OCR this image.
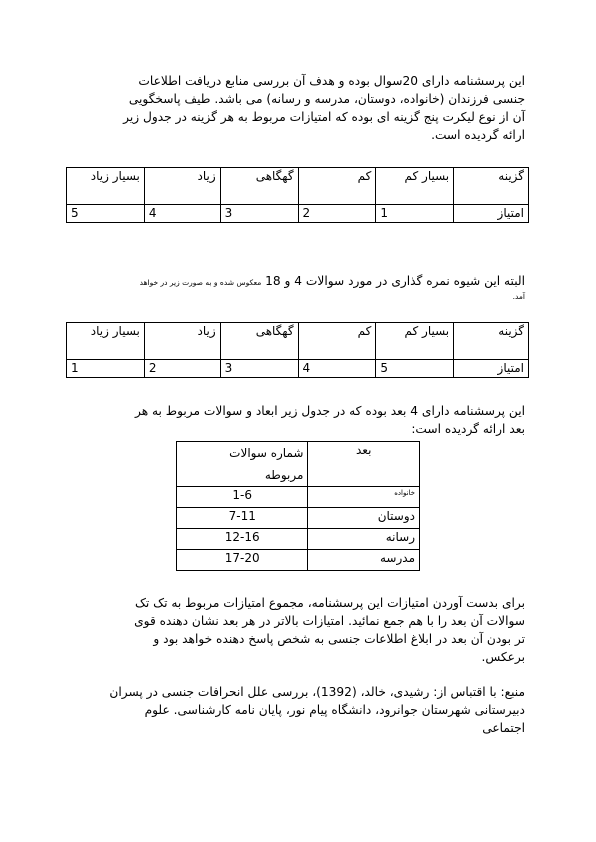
این پرسشنامه دارای 20سوال بوده و هدف آن بررسی منابع دریافت اطلاعات
جنسی فرزندان (خانواده، دوستان، مدرسه و رسانه) می باشد. طیف پاسخگویی
آن از نوع لیکرت پنج گزینه ای بوده که امتیازات مربوط به هر گزینه در جدول زیر
ارائه گردیده است.
گزینه	بسیار کم	کم	گهگاهی	زیاد	بسیار زیاد
امتیاز	1	2	3	4	5
البته این شیوه نمره گذاری در مورد سوالات 4 و 18 معکوس شده و به صورت زیر در خواهد
آمد.
گزینه	بسیار کم	کم	گهگاهی	زیاد	بسیار زیاد
امتیاز	5	4	3	2	1
این پرسشنامه دارای 4 بعد بوده که در جدول زیر ابعاد و سوالات مربوط به هر
بعد ارائه گردیده است:
بعد	شماره سوالات
مربوطه

خانواده	1-6
دوستان	7-11
رسانه	12-16
مدرسه	17-20
برای بدست آوردن امتیازات این پرسشنامه، مجموع امتیازات مربوط به تک تک
سوالات آن بعد را با هم جمع نمائید. امتیازات بالاتر در هر بعد نشان دهنده قوی
تر بودن آن بعد در ابلاغ اطلاعات جنسی به شخص پاسخ دهنده خواهد بود و
برعکس.
منبع: با اقتباس از: رشیدی، خالد، (1392)، بررسی علل انحرافات جنسی در پسران
دبیرستانی شهرستان جوانرود، دانشگاه پیام نور، پایان نامه کارشناسی. علوم
اجتماعی
